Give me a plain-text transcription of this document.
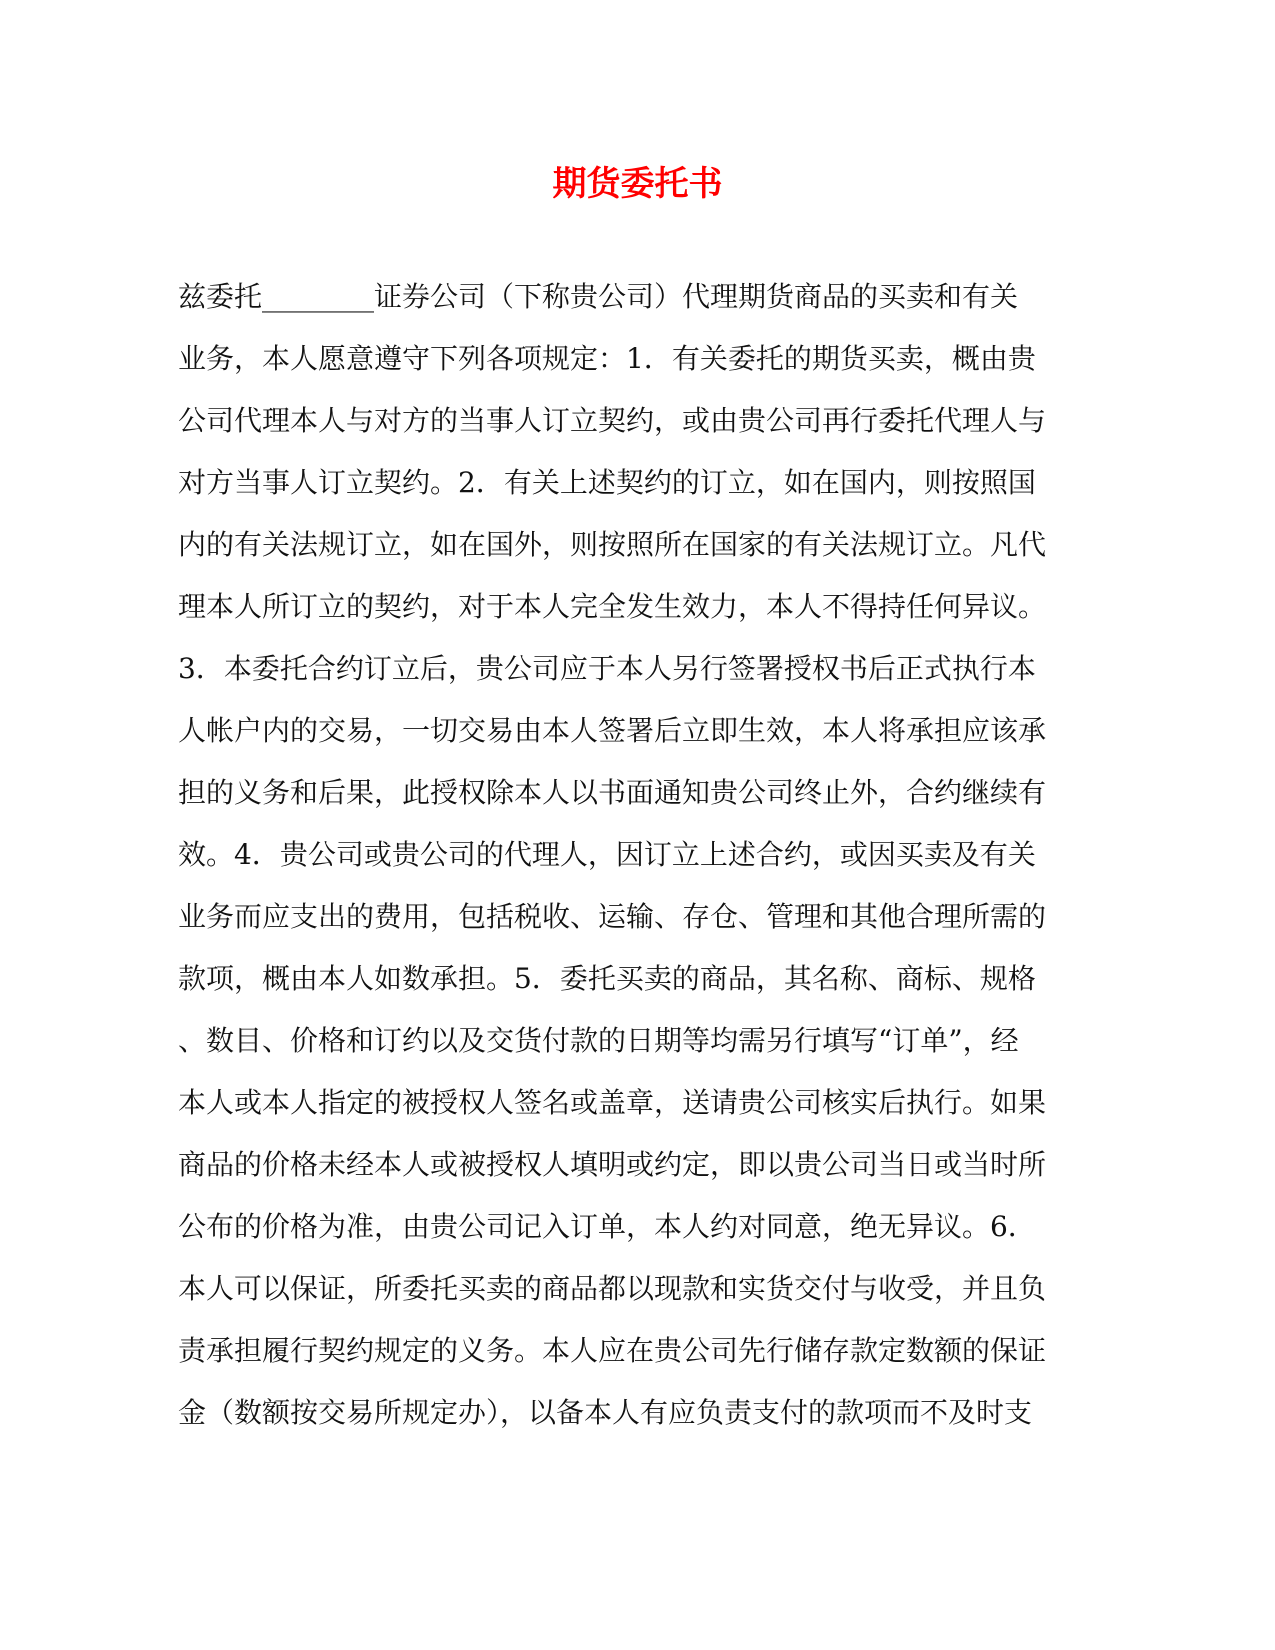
期货委托书
兹委托________证券公司（下称贵公司）代理期货商品的买卖和有关
业务，本人愿意遵守下列各项规定：1．有关委托的期货买卖，概由贵
公司代理本人与对方的当事人订立契约，或由贵公司再行委托代理人与
对方当事人订立契约。2．有关上述契约的订立，如在国内，则按照国
内的有关法规订立，如在国外，则按照所在国家的有关法规订立。凡代
理本人所订立的契约，对于本人完全发生效力，本人不得持任何异议。
3．本委托合约订立后，贵公司应于本人另行签署授权书后正式执行本
人帐户内的交易，一切交易由本人签署后立即生效，本人将承担应该承
担的义务和后果，此授权除本人以书面通知贵公司终止外，合约继续有
效。4．贵公司或贵公司的代理人，因订立上述合约，或因买卖及有关
业务而应支出的费用，包括税收、运输、存仓、管理和其他合理所需的
款项，概由本人如数承担。5．委托买卖的商品，其名称、商标、规格
、数目、价格和订约以及交货付款的日期等均需另行填写“订单”，经
本人或本人指定的被授权人签名或盖章，送请贵公司核实后执行。如果
商品的价格未经本人或被授权人填明或约定，即以贵公司当日或当时所
公布的价格为准，由贵公司记入订单，本人约对同意，绝无异议。6．
本人可以保证，所委托买卖的商品都以现款和实货交付与收受，并且负
责承担履行契约规定的义务。本人应在贵公司先行储存款定数额的保证
金（数额按交易所规定办），以备本人有应负责支付的款项而不及时支
